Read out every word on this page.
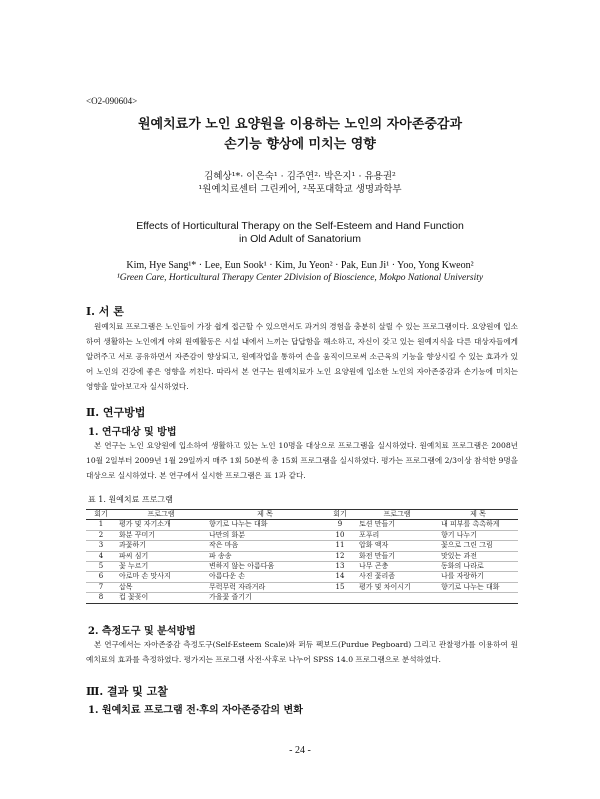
<O2-090604>
원예치료가 노인 요양원을 이용하는 노인의 자아존중감과
손기능 향상에 미치는 영향
김혜상¹*· 이은숙¹ · 김주연²· 박은지¹ · 유용권²
¹원예치료센터 그린케어, ²목포대학교 생명과학부
Effects of Horticultural Therapy on the Self-Esteem and Hand Function
in Old Adult of Sanatorium
Kim, Hye Sang¹* · Lee, Eun Sook¹ · Kim, Ju Yeon² · Pak, Eun Ji¹ · Yoo, Yong Kweon²
¹Green Care, Horticultural Therapy Center 2Division of Bioscience, Mokpo National University
Ⅰ. 서 론
원예치료 프로그램은 노인들이 가장 쉽게 접근할 수 있으면서도 과거의 경험을 충분히 살릴 수 있는 프로그램이다. 요양원에 입소하여 생활하는 노인에게 야외 원예활동은 시설 내에서 느끼는 답답함을 해소하고, 자신이 갖고 있는 원예지식을 다른 대상자들에게 알려주고 서로 공유하면서 자존감이 향상되고, 원예작업을 통하여 손을 움직이므로써 소근육의 기능을 향상시킬 수 있는 효과가 있어 노인의 건강에 좋은 영향을 끼친다. 따라서 본 연구는 원예치료가 노인 요양원에 입소한 노인의 자아존중감과 손기능에 미치는 영향을 알아보고자 실시하였다.
Ⅱ. 연구방법
1. 연구대상 및 방법
본 연구는 노인 요양원에 입소하여 생활하고 있는 노인 10명을 대상으로 프로그램을 실시하였다. 원예치료 프로그램은 2008년 10월 2일부터 2009년 1월 29일까지 매주 1회 50분씩 총 15회 프로그램을 실시하였다. 평가는 프로그램에 2/3이상 참석한 9명을 대상으로 실시하였다. 본 연구에서 실시한 프로그램은 표 1과 같다.
표 1. 원예치료 프로그램
회기	프로그램	제 목	회기	프로그램	제 목
1	평가 및 자기소개	향기로 나누는 대화	9	토션 만들기	내 피부를 촉촉하게
2	화분 꾸미기	나만의 화분	10	포푸리	향기 나누기
3	과꽃하기	작은 마음	11	압화 액자	꽃으로 그린 그림
4	파씨 심기	파 송송	12	화전 만들기	맛있는 과전
5	꽃 누르기	변하지 않는 아름다움	13	나무 곤충	동화의 나라로
6	아로마 손 맛사지	아름다운 손	14	사진 꽃리즘	나를 자랑하기
7	삽목	무럭무럭 자라거라	15	평가 및 차이시기	향기로 나누는 대화
8	컵 꽃꽂이	가을꽃 즐기기			
2. 측정도구 및 분석방법
본 연구에서는 자아존중감 측정도구(Self-Esteem Scale)와 퍼듀 펙보드(Purdue Pegboard) 그리고 관찰평가를 이용하여 원예치료의 효과를 측정하였다. 평가지는 프로그램 사전·사후로 나누어 SPSS 14.0 프로그램으로 분석하였다.
Ⅲ. 결과 및 고찰
1. 원예치료 프로그램 전·후의 자아존중감의 변화
- 24 -
